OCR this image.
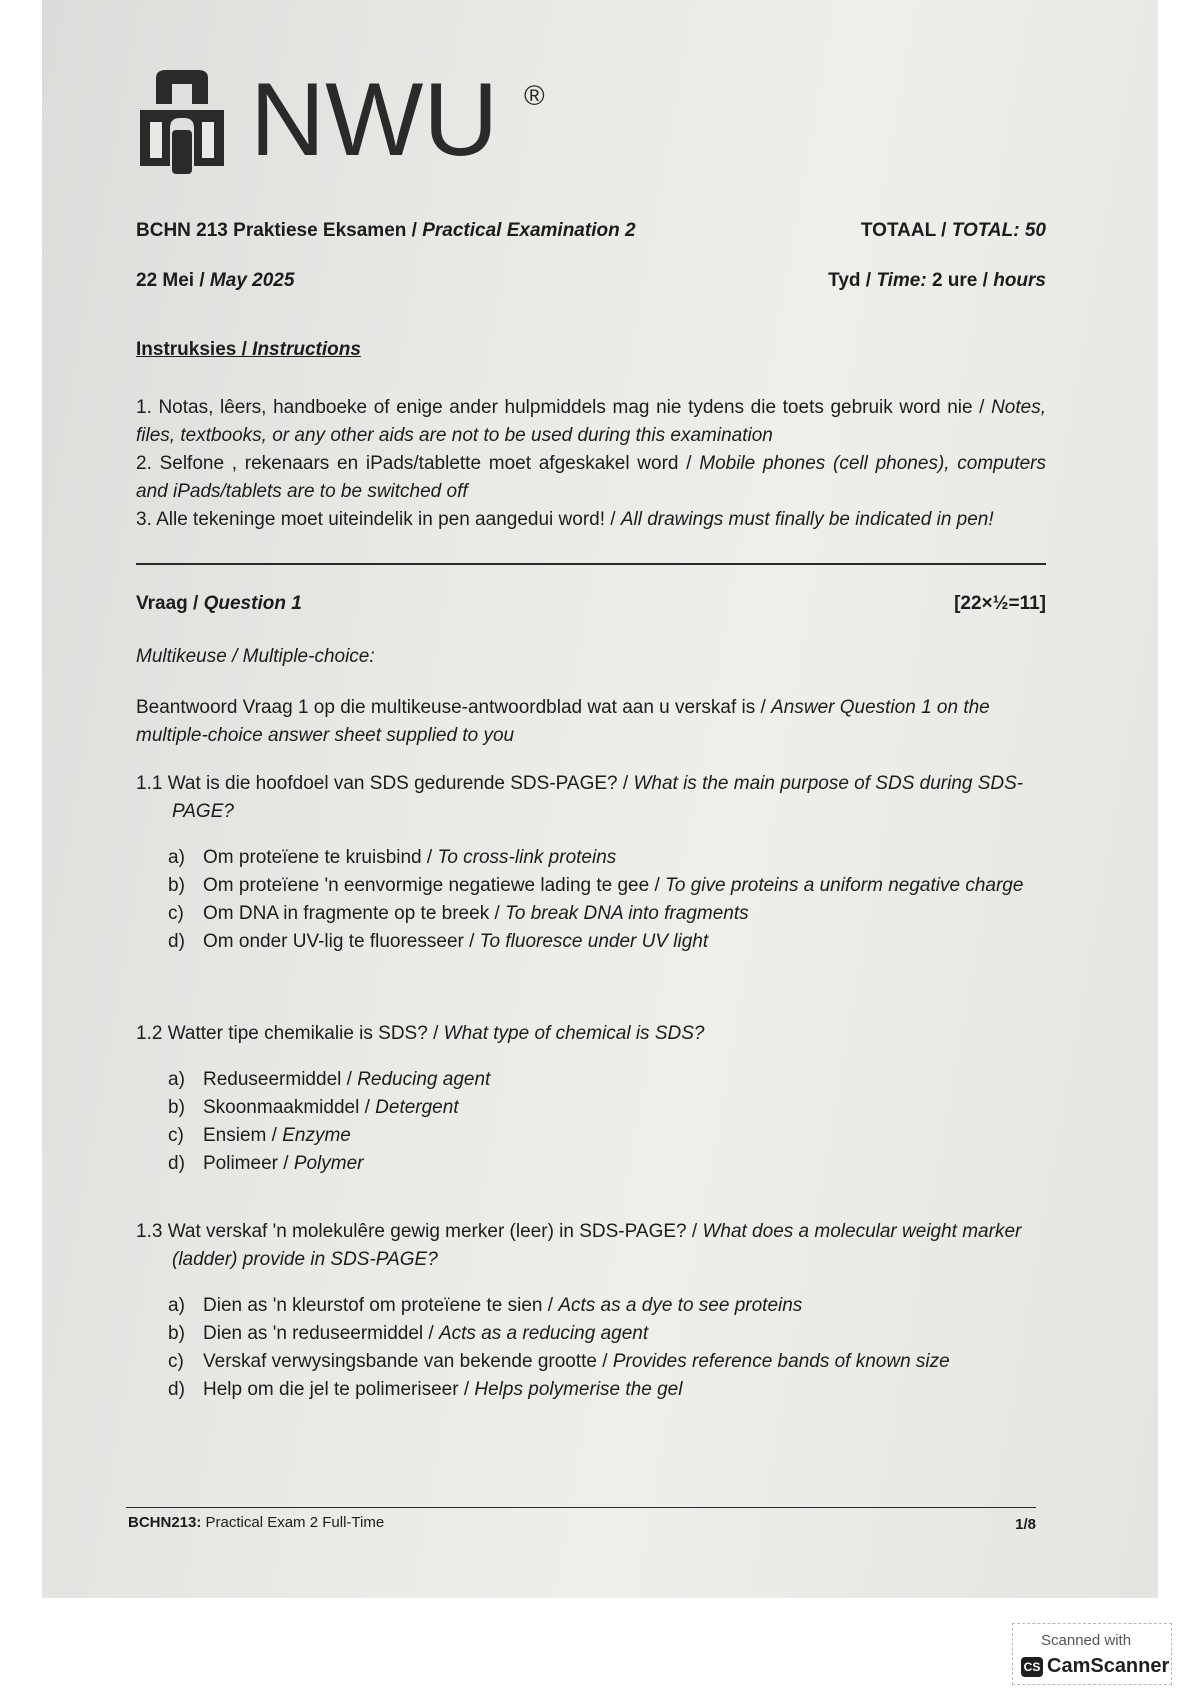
NWU ®
BCHN 213 Praktiese Eksamen / Practical Examination 2	TOTAAL / TOTAL: 50
22 Mei / May 2025	Tyd / Time: 2 ure / hours
Instruksies / Instructions

1. Notas, lêers, handboeke of enige ander hulpmiddels mag nie tydens die toets gebruik word nie / Notes, files, textbooks, or any other aids are not to be used during this examination

2. Selfone , rekenaars en iPads/tablette moet afgeskakel word / Mobile phones (cell phones), computers and iPads/tablets are to be switched off

3. Alle tekeninge moet uiteindelik in pen aangedui word! / All drawings must finally be indicated in pen!

Vraag / Question 1	[22×½=11]
Multikeuse / Multiple-choice:

Beantwoord Vraag 1 op die multikeuse-antwoordblad wat aan u verskaf is / Answer Question 1 on the multiple-choice answer sheet supplied to you

1.1 Wat is die hoofdoel van SDS gedurende SDS-PAGE? / What is the main purpose of SDS during SDS-PAGE?

a) Om proteïene te kruisbind / To cross-link proteins
b) Om proteïene 'n eenvormige negatiewe lading te gee / To give proteins a uniform negative charge
c) Om DNA in fragmente op te breek / To break DNA into fragments
d) Om onder UV-lig te fluoresseer / To fluoresce under UV light

1.2 Watter tipe chemikalie is SDS? / What type of chemical is SDS?

a) Reduseermiddel / Reducing agent
b) Skoonmaakmiddel / Detergent
c) Ensiem / Enzyme
d) Polimeer / Polymer

1.3 Wat verskaf 'n molekulêre gewig merker (leer) in SDS-PAGE? / What does a molecular weight marker (ladder) provide in SDS-PAGE?

a) Dien as 'n kleurstof om proteïene te sien / Acts as a dye to see proteins
b) Dien as 'n reduseermiddel / Acts as a reducing agent
c) Verskaf verwysingsbande van bekende grootte / Provides reference bands of known size
d) Help om die jel te polimeriseer / Helps polymerise the gel
BCHN213: Practical Exam 2 Full-Time	1/8
Scanned with
CS CamScanner
